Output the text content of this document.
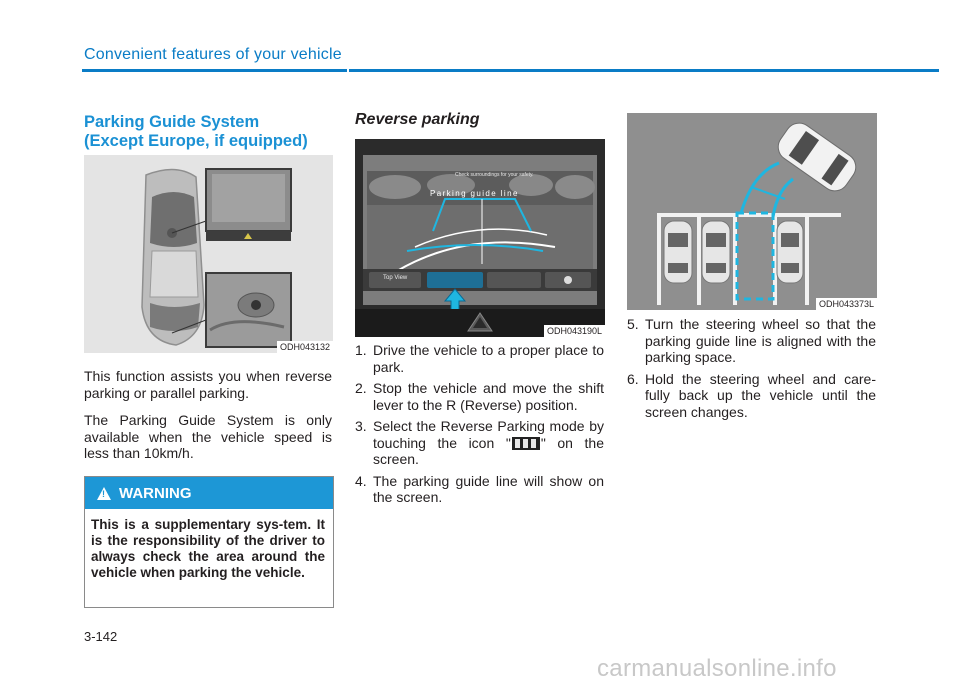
Convenient features of your vehicle
Parking Guide System
(Except Europe, if equipped)
ODH043132
This function assists you when reverse parking or parallel parking.
The Parking Guide System is only available when the vehicle speed is less than 10km/h.
!
WARNING
This is a supplementary sys-tem. It is the responsibility of the driver to always check the area around the vehicle when parking the vehicle.
Reverse parking
Check surroundings for your safety.
Parking guide line
Top View
ODH043190L
1. Drive the vehicle to a proper place to park.
2. Stop the vehicle and move the shift lever to the R (Reverse) position.
3. Select the Reverse Parking mode by touching the icon " " on the screen.
4. The parking guide line will show on the screen.
ODH043373L
5. Turn the steering wheel so that the parking guide line is aligned with the parking space.
6. Hold the steering wheel and care-fully back up the vehicle until the screen changes.
3-142
carmanualsonline.info
